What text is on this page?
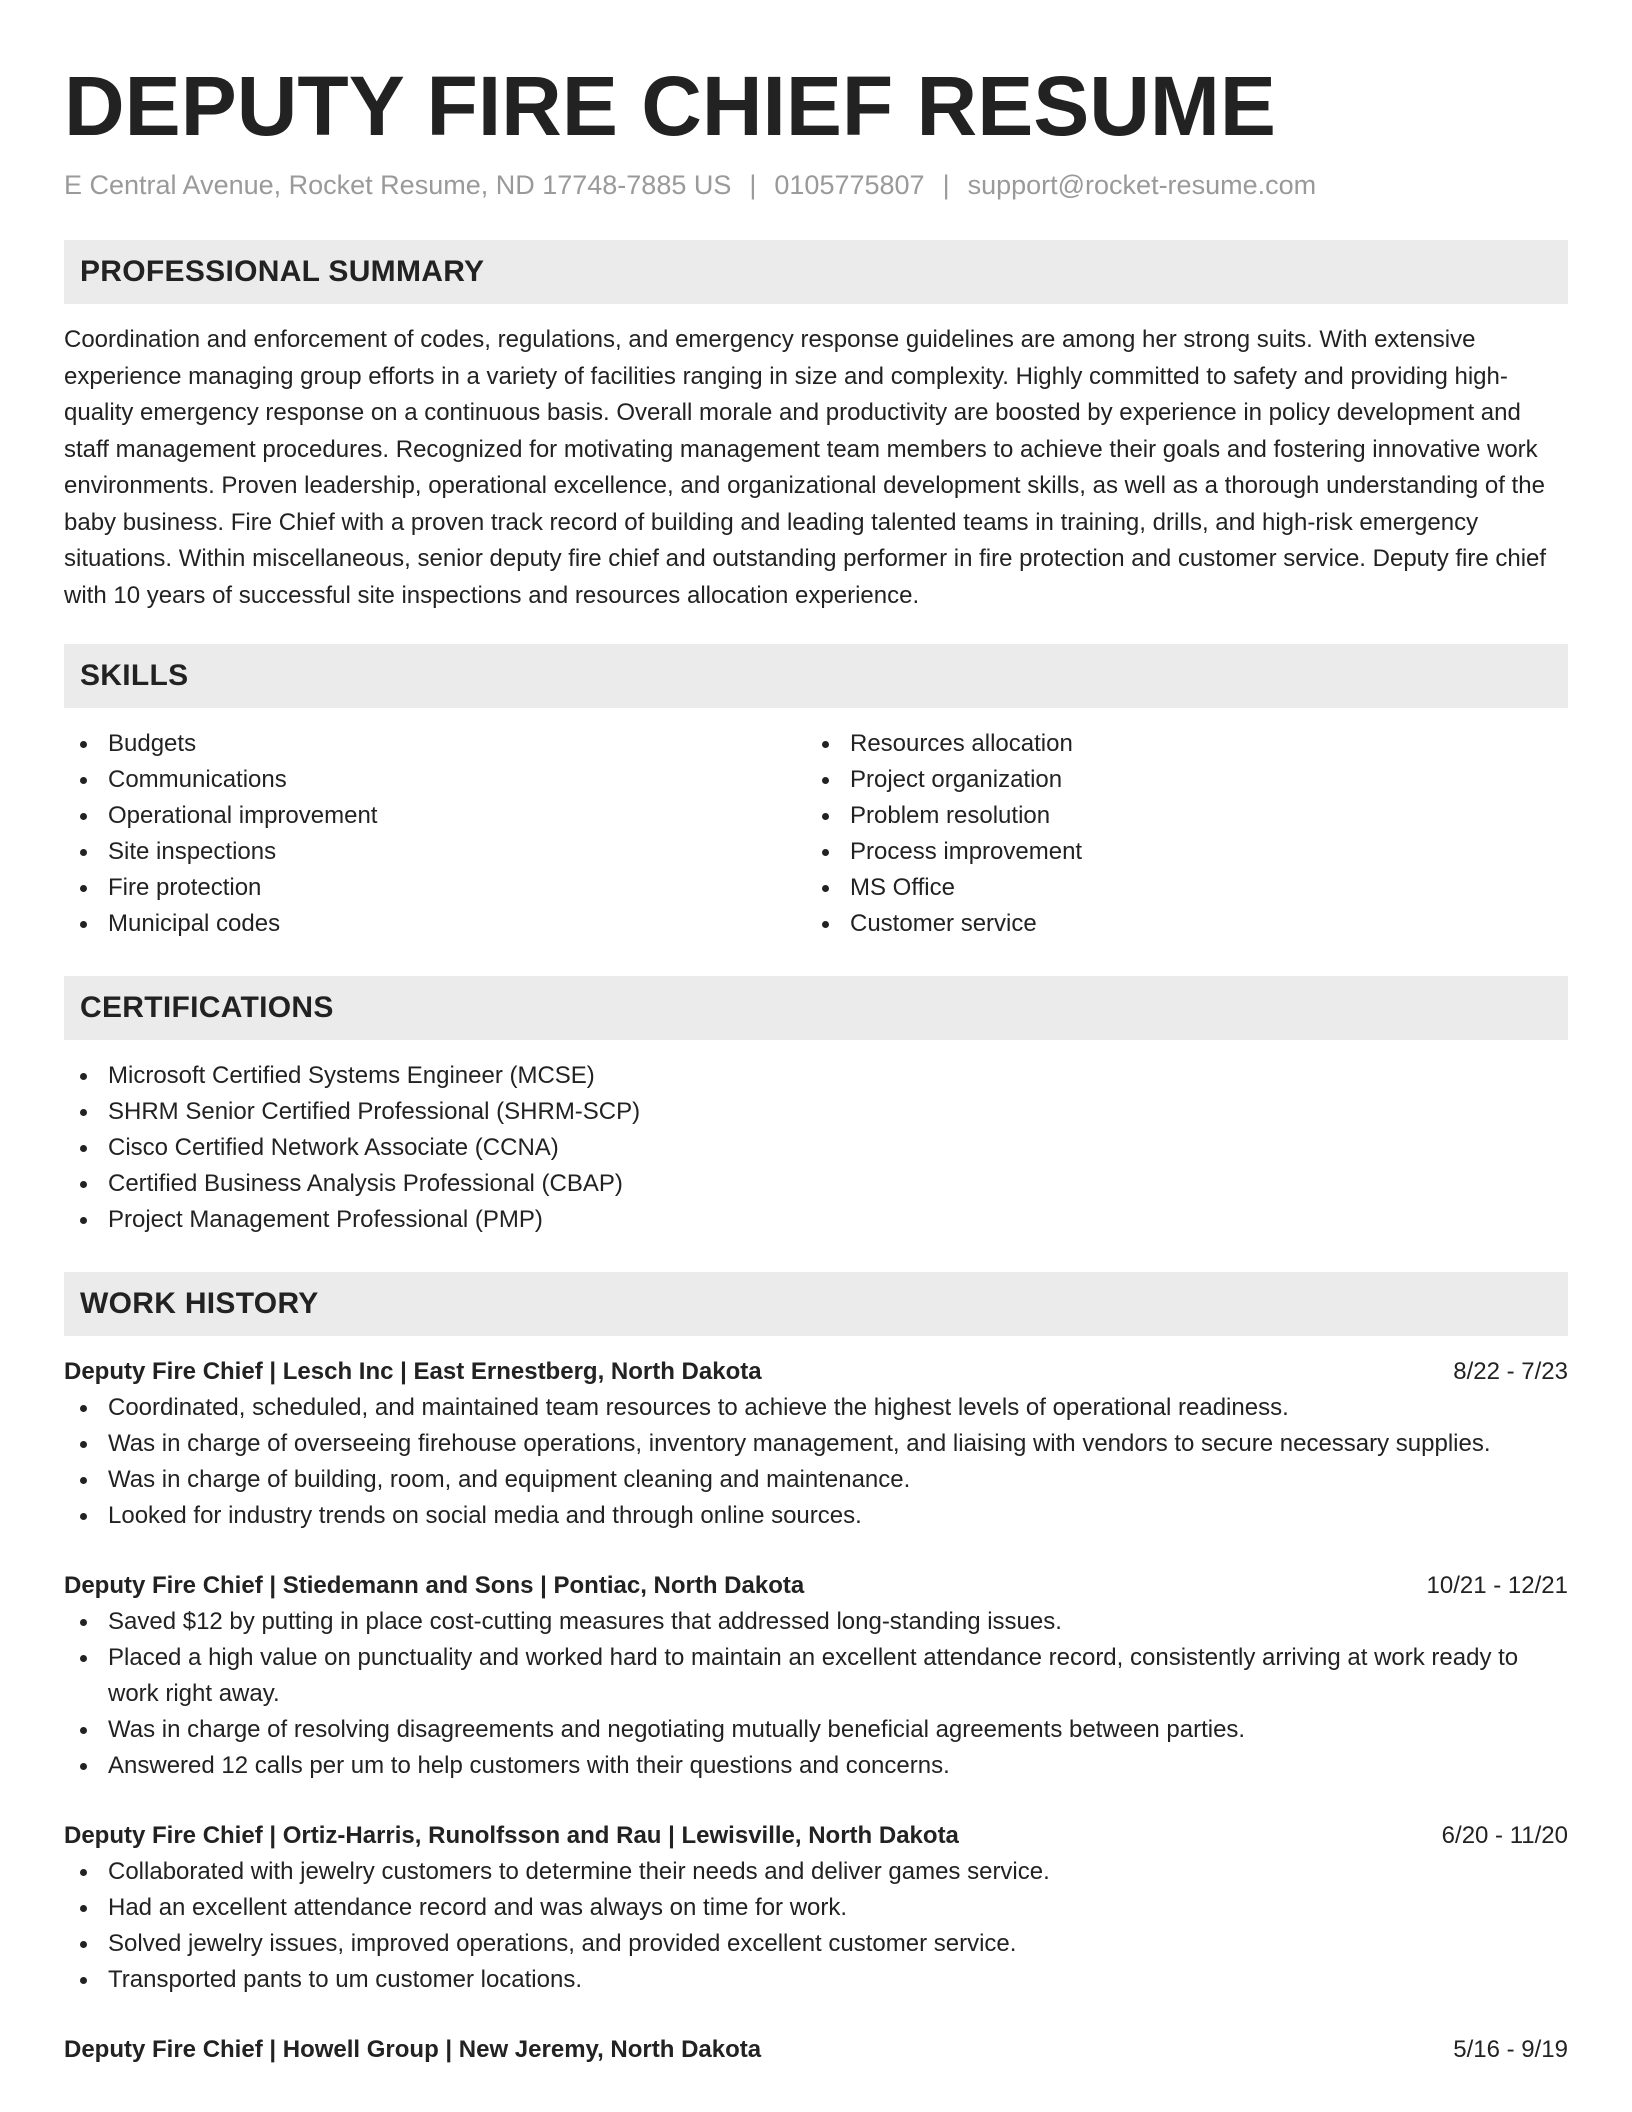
DEPUTY FIRE CHIEF RESUME
E Central Avenue, Rocket Resume, ND 17748-7885 US | 0105775807 | support@rocket-resume.com
PROFESSIONAL SUMMARY

Coordination and enforcement of codes, regulations, and emergency response guidelines are among her strong suits. With extensive experience managing group efforts in a variety of facilities ranging in size and complexity. Highly committed to safety and providing high-quality emergency response on a continuous basis. Overall morale and productivity are boosted by experience in policy development and staff management procedures. Recognized for motivating management team members to achieve their goals and fostering innovative work environments. Proven leadership, operational excellence, and organizational development skills, as well as a thorough understanding of the baby business. Fire Chief with a proven track record of building and leading talented teams in training, drills, and high-risk emergency situations. Within miscellaneous, senior deputy fire chief and outstanding performer in fire protection and customer service. Deputy fire chief with 10 years of successful site inspections and resources allocation experience.

SKILLS
Budgets
Communications
Operational improvement
Site inspections
Fire protection
Municipal codes
Resources allocation
Project organization
Problem resolution
Process improvement
MS Office
Customer service
CERTIFICATIONS
Microsoft Certified Systems Engineer (MCSE)
SHRM Senior Certified Professional (SHRM-SCP)
Cisco Certified Network Associate (CCNA)
Certified Business Analysis Professional (CBAP)
Project Management Professional (PMP)
WORK HISTORY
Deputy Fire Chief | Lesch Inc | East Ernestberg, North Dakota	8/22 - 7/23
Coordinated, scheduled, and maintained team resources to achieve the highest levels of operational readiness.
Was in charge of overseeing firehouse operations, inventory management, and liaising with vendors to secure necessary supplies.
Was in charge of building, room, and equipment cleaning and maintenance.
Looked for industry trends on social media and through online sources.
Deputy Fire Chief | Stiedemann and Sons | Pontiac, North Dakota	10/21 - 12/21
Saved $12 by putting in place cost-cutting measures that addressed long-standing issues.
Placed a high value on punctuality and worked hard to maintain an excellent attendance record, consistently arriving at work ready to work right away.
Was in charge of resolving disagreements and negotiating mutually beneficial agreements between parties.
Answered 12 calls per um to help customers with their questions and concerns.
Deputy Fire Chief | Ortiz-Harris, Runolfsson and Rau | Lewisville, North Dakota	6/20 - 11/20
Collaborated with jewelry customers to determine their needs and deliver games service.
Had an excellent attendance record and was always on time for work.
Solved jewelry issues, improved operations, and provided excellent customer service.
Transported pants to um customer locations.
Deputy Fire Chief | Howell Group | New Jeremy, North Dakota	5/16 - 9/19
